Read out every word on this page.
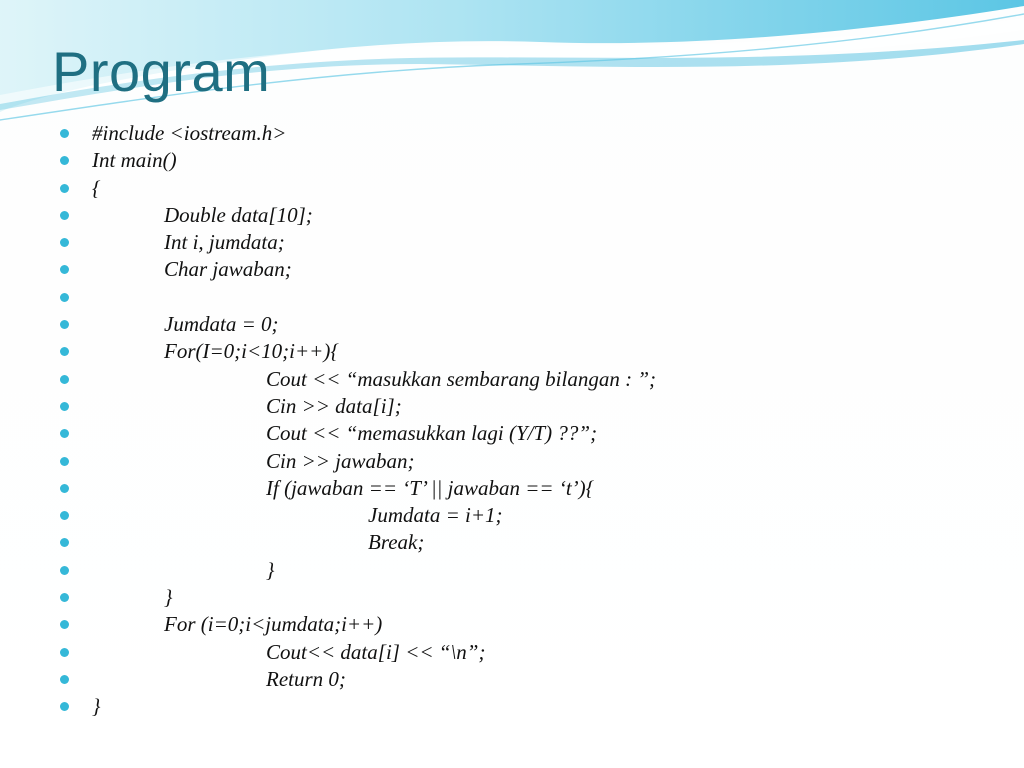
Program
#include <iostream.h>
Int main()
{
Double data[10];
Int i, jumdata;
Char jawaban;
Jumdata = 0;
For(I=0;i<10;i++){
Cout << “masukkan sembarang bilangan : ”;
Cin >> data[i];
Cout << “memasukkan lagi (Y/T) ??”;
Cin >> jawaban;
If (jawaban == ‘T’ || jawaban == ‘t’){
Jumdata = i+1;
Break;
}
}
For (i=0;i<jumdata;i++)
Cout<< data[i] << “\n”;
Return 0;
}
